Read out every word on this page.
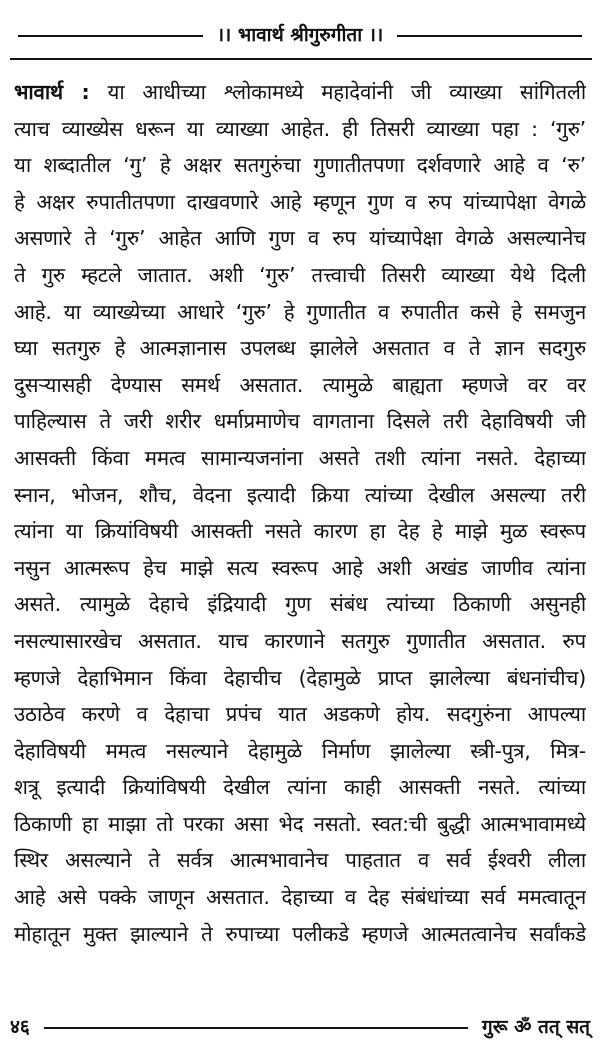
।। भावार्थ श्रीगुरुगीता ।।
भावार्थ : या आधीच्या श्लोकामध्ये महादेवांनी जी व्याख्या सांगितली
त्याच व्याख्येस धरून या व्याख्या आहेत. ही तिसरी व्याख्या पहा : ‘गुरु’
या शब्दातील ‘गु’ हे अक्षर सतगुरुंचा गुणातीतपणा दर्शवणारे आहे व ‘रु’
हे अक्षर रुपातीतपणा दाखवणारे आहे म्हणून गुण व रुप यांच्यापेक्षा वेगळे
असणारे ते ‘गुरु’ आहेत आणि गुण व रुप यांच्यापेक्षा वेगळे असल्यानेच
ते गुरु म्हटले जातात. अशी ‘गुरु’ तत्त्वाची तिसरी व्याख्या येथे दिली
आहे. या व्याख्येच्या आधारे ‘गुरु’ हे गुणातीत व रुपातीत कसे हे समजुन
घ्या सतगुरु हे आत्मज्ञानास उपलब्ध झालेले असतात व ते ज्ञान सदगुरु
दुसऱ्यासही देण्यास समर्थ असतात. त्यामुळे बाह्यता म्हणजे वर वर
पाहिल्यास ते जरी शरीर धर्माप्रमाणेच वागताना दिसले तरी देहाविषयी जी
आसक्ती किंवा ममत्व सामान्यजनांना असते तशी त्यांना नसते. देहाच्या
स्नान, भोजन, शौच, वेदना इत्यादी क्रिया त्यांच्या देखील असल्या तरी
त्यांना या क्रियांविषयी आसक्ती नसते कारण हा देह हे माझे मुळ स्वरूप
नसुन आत्मरूप हेच माझे सत्य स्वरूप आहे अशी अखंड जाणीव त्यांना
असते. त्यामुळे देहाचे इंद्रियादी गुण संबंध त्यांच्या ठिकाणी असुनही
नसल्यासारखेच असतात. याच कारणाने सतगुरु गुणातीत असतात. रुप
म्हणजे देहाभिमान किंवा देहाचीच (देहामुळे प्राप्त झालेल्या बंधनांचीच)
उठाठेव करणे व देहाचा प्रपंच यात अडकणे होय. सदगुरुंना आपल्या
देहाविषयी ममत्व नसल्याने देहामुळे निर्माण झालेल्या स्त्री-पुत्र, मित्र-
शत्रू इत्यादी क्रियांविषयी देखील त्यांना काही आसक्ती नसते. त्यांच्या
ठिकाणी हा माझा तो परका असा भेद नसतो. स्वत:ची बुद्धी आत्मभावामध्ये
स्थिर असल्याने ते सर्वत्र आत्मभावानेच पाहतात व सर्व ईश्वरी लीला
आहे असे पक्के जाणून असतात. देहाच्या व देह संबंधांच्या सर्व ममत्वातून
मोहातून मुक्त झाल्याने ते रुपाच्या पलीकडे म्हणजे आत्मतत्वानेच सर्वांकडे
४६	गुरू ॐ तत् सत्
